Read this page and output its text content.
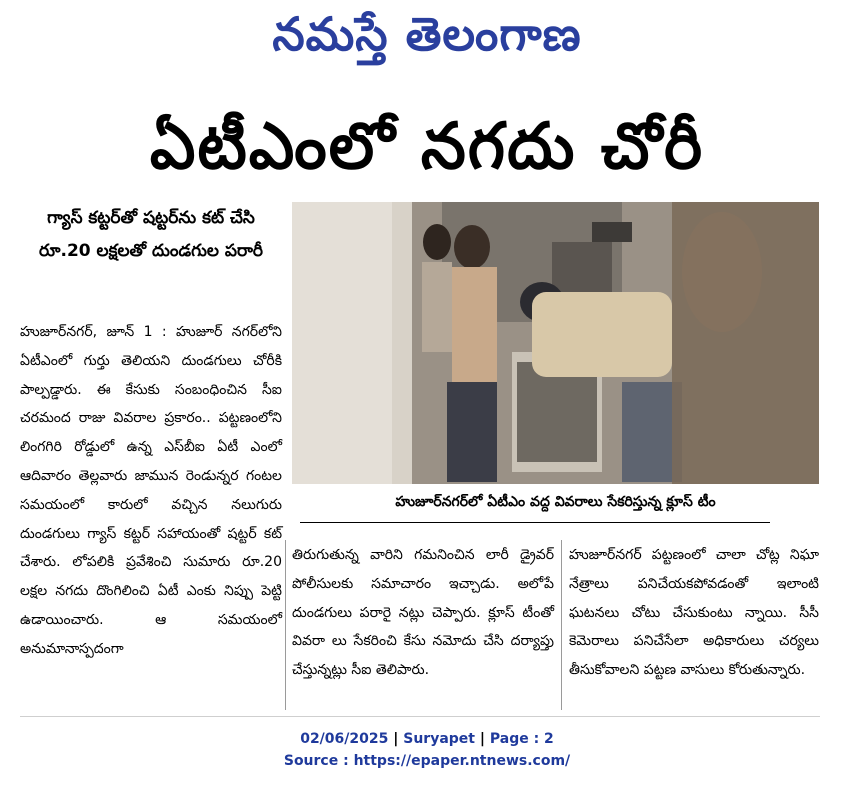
నమస్తే తెలంగాణ
ఏటీఎంలో నగదు చోరీ
గ్యాస్ కట్టర్‌తో షట్టర్‌ను కట్ చేసి రూ.20 లక్షలతో దుండగుల పరారీ
హుజూర్‌నగర్‌లో ఏటీఎం వద్ద వివరాలు సేకరిస్తున్న క్లూస్ టీం
హుజూర్‌నగర్, జూన్ 1 : హుజూర్ నగర్‌లోని ఏటీఎంలో గుర్తు తెలియని దుండగులు చోరీకి పాల్పడ్డారు. ఈ కేసుకు సంబంధించిన సీఐ చరమంద రాజు వివరాల ప్రకారం.. పట్టణంలోని లింగగిరి రోడ్డులో ఉన్న ఎస్‌బీఐ ఏటీ ఎంలో ఆదివారం తెల్లవారు జామున రెండున్నర గంటల సమయంలో కారులో వచ్చిన నలుగురు దుండగులు గ్యాస్ కట్టర్ సహాయంతో షట్టర్ కట్ చేశారు. లోపలికి ప్రవేశించి సుమారు రూ.20 లక్షల నగదు దొంగిలించి ఏటీ ఎంకు నిప్పు పెట్టి ఉడాయించారు. ఆ సమయంలో అనుమానాస్పదంగా
తిరుగుతున్న వారిని గమనించిన లారీ డ్రైవర్ పోలీసులకు సమాచారం ఇచ్చాడు. అలోపే దుండగులు పరారై నట్లు చెప్పారు. క్లూస్ టీంతో వివరా లు సేకరించి కేసు నమోదు చేసి దర్యాప్తు చేస్తున్నట్లు సీఐ తెలిపారు.
హుజూర్‌నగర్ పట్టణంలో చాలా చోట్ల నిఘా నేత్రాలు పనిచేయకపోవడంతో ఇలాంటి ఘటనలు చోటు చేసుకుంటు న్నాయి. సీసీ కెమెరాలు పనిచేసేలా అధికారులు చర్యలు తీసుకోవాలని పట్టణ వాసులు కోరుతున్నారు.
02/06/2025 | Suryapet | Page : 2
Source : https://epaper.ntnews.com/
